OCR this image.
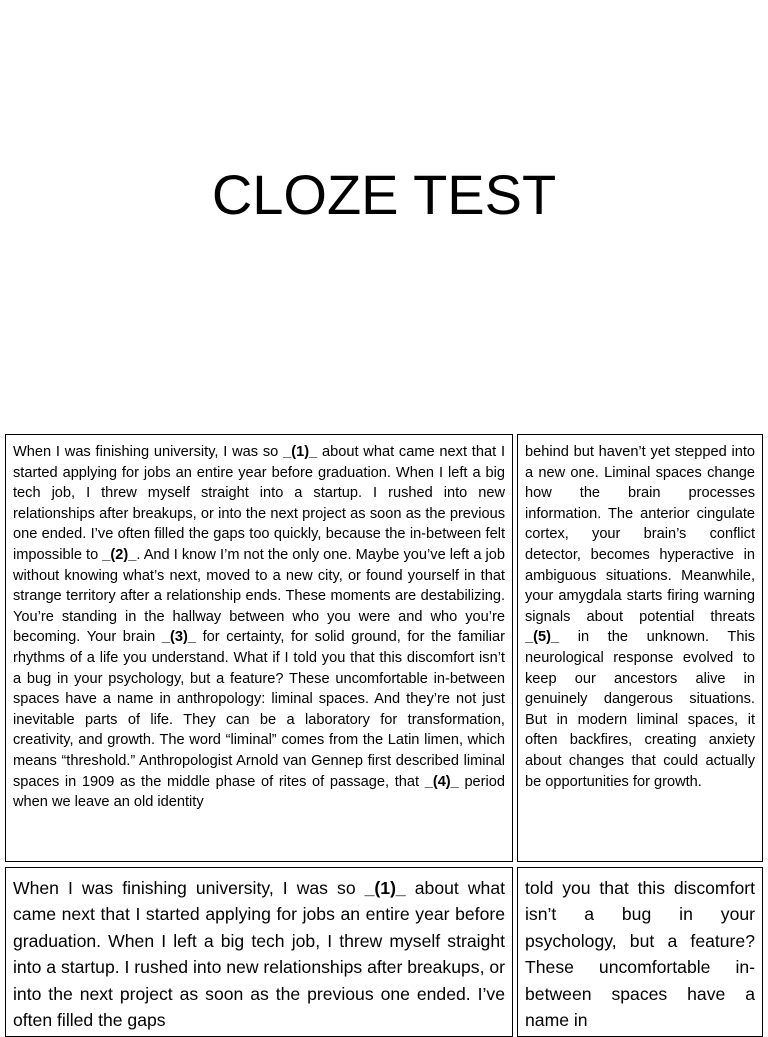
CLOZE TEST
When I was finishing university, I was so _(1)_ about what came next that I started applying for jobs an entire year before graduation. When I left a big tech job, I threw myself straight into a startup. I rushed into new relationships after breakups, or into the next project as soon as the previous one ended. I’ve often filled the gaps too quickly, because the in-between felt impossible to _(2)_. And I know I’m not the only one. Maybe you’ve left a job without knowing what’s next, moved to a new city, or found yourself in that strange territory after a relationship ends. These moments are destabilizing. You’re standing in the hallway between who you were and who you’re becoming. Your brain _(3)_ for certainty, for solid ground, for the familiar rhythms of a life you understand. What if I told you that this discomfort isn’t a bug in your psychology, but a feature? These uncomfortable in-between spaces have a name in anthropology: liminal spaces. And they’re not just inevitable parts of life. They can be a laboratory for transformation, creativity, and growth. The word “liminal” comes from the Latin limen, which means “threshold.” Anthropologist Arnold van Gennep first described liminal spaces in 1909 as the middle phase of rites of passage, that _(4)_ period when we leave an old identity
behind but haven’t yet stepped into a new one. Liminal spaces change how the brain processes information. The anterior cingulate cortex, your brain’s conflict detector, becomes hyperactive in ambiguous situations. Meanwhile, your amygdala starts firing warning signals about potential threats _(5)_ in the unknown. This neurological response evolved to keep our ancestors alive in genuinely dangerous situations. But in modern liminal spaces, it often backfires, creating anxiety about changes that could actually be opportunities for growth.
When I was finishing university, I was so _(1)_ about what came next that I started applying for jobs an entire year before graduation. When I left a big tech job, I threw myself straight into a startup. I rushed into new relationships after breakups, or into the next project as soon as the previous one ended. I’ve often filled the gaps
told you that this discomfort isn’t a bug in your psychology, but a feature? These uncomfortable in-between spaces have a name in
